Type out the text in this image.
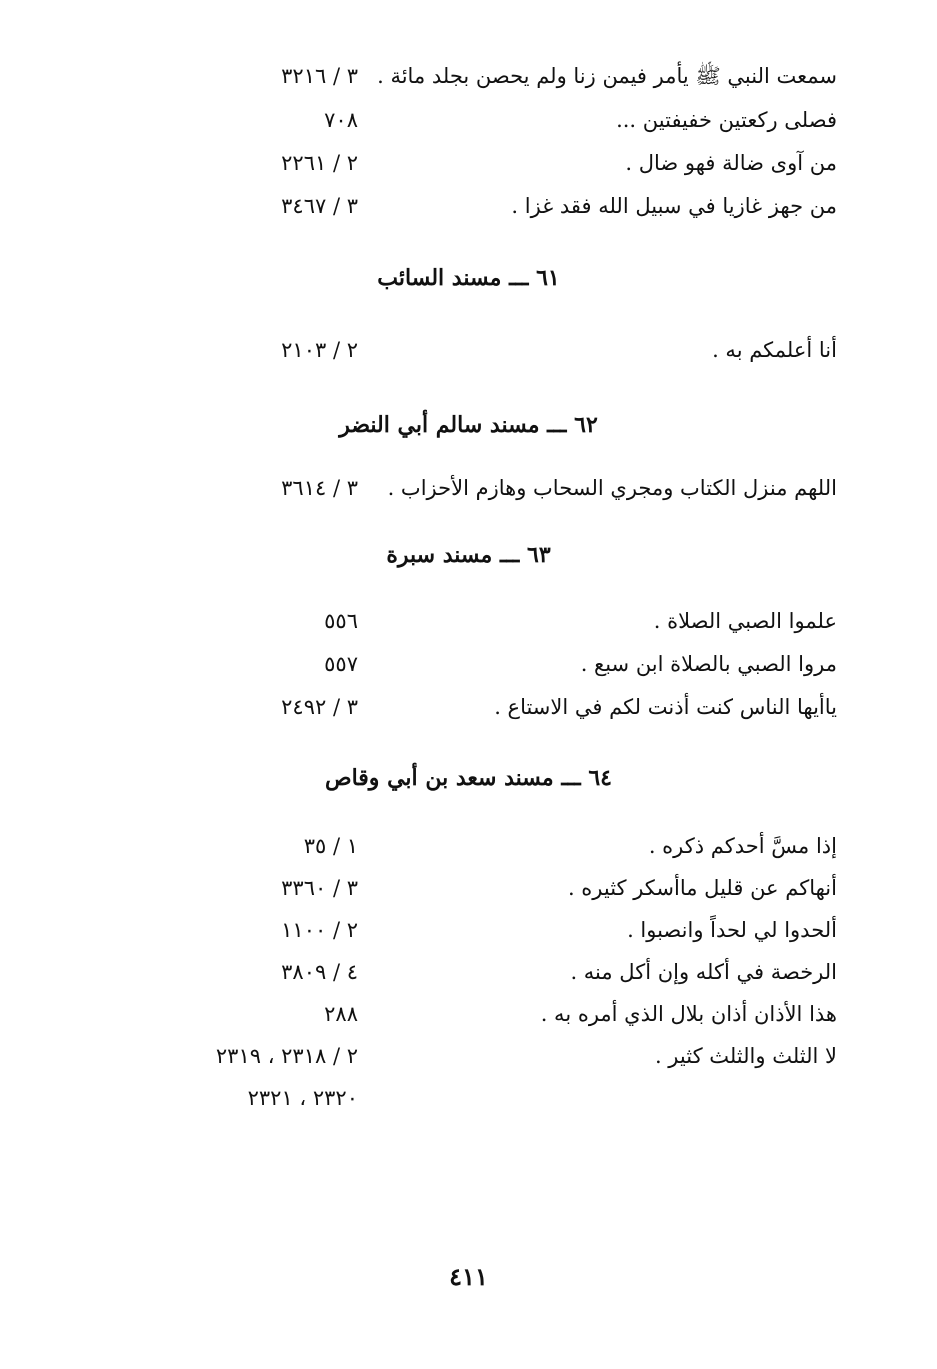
سمعت النبي ﷺ يأمر فيمن زنا ولم يحصن بجلد مائة .
٣ / ٣٢١٦
فصلى ركعتين خفيفتين ...
٧٠٨
من آوى ضالة فهو ضال .
٢ / ٢٢٦١
من جهز غازيا في سبيل الله فقد غزا .
٣ / ٣٤٦٧
٦١ ـــ مسند السائب
أنا أعلمكم به .
٢ / ٢١٠٣
٦٢ ـــ مسند سالم أبي النضر
اللهم منزل الكتاب ومجري السحاب وهازم الأحزاب .
٣ / ٣٦١٤
٦٣ ـــ مسند سبرة
علموا الصبي الصلاة .
٥٥٦
مروا الصبي بالصلاة ابن سبع .
٥٥٧
ياأيها الناس كنت أذنت لكم في الاستاع .
٣ / ٢٤٩٢
٦٤ ـــ مسند سعد بن أبي وقاص
إذا مسَّ أحدكم ذكره .
١ / ٣٥
أنهاكم عن قليل ماأسكر كثيره .
٣ / ٣٣٦٠
ألحدوا لي لحداً وانصبوا .
٢ / ١١٠٠
الرخصة في أكله وإن أكل منه .
٤ / ٣٨٠٩
هذا الأذان أذان بلال الذي أمره به .
٢٨٨
لا الثلث والثلث كثير .
٢ / ٢٣١٨ ، ٢٣١٩
٢٣٢٠ ، ٢٣٢١
٤١١
